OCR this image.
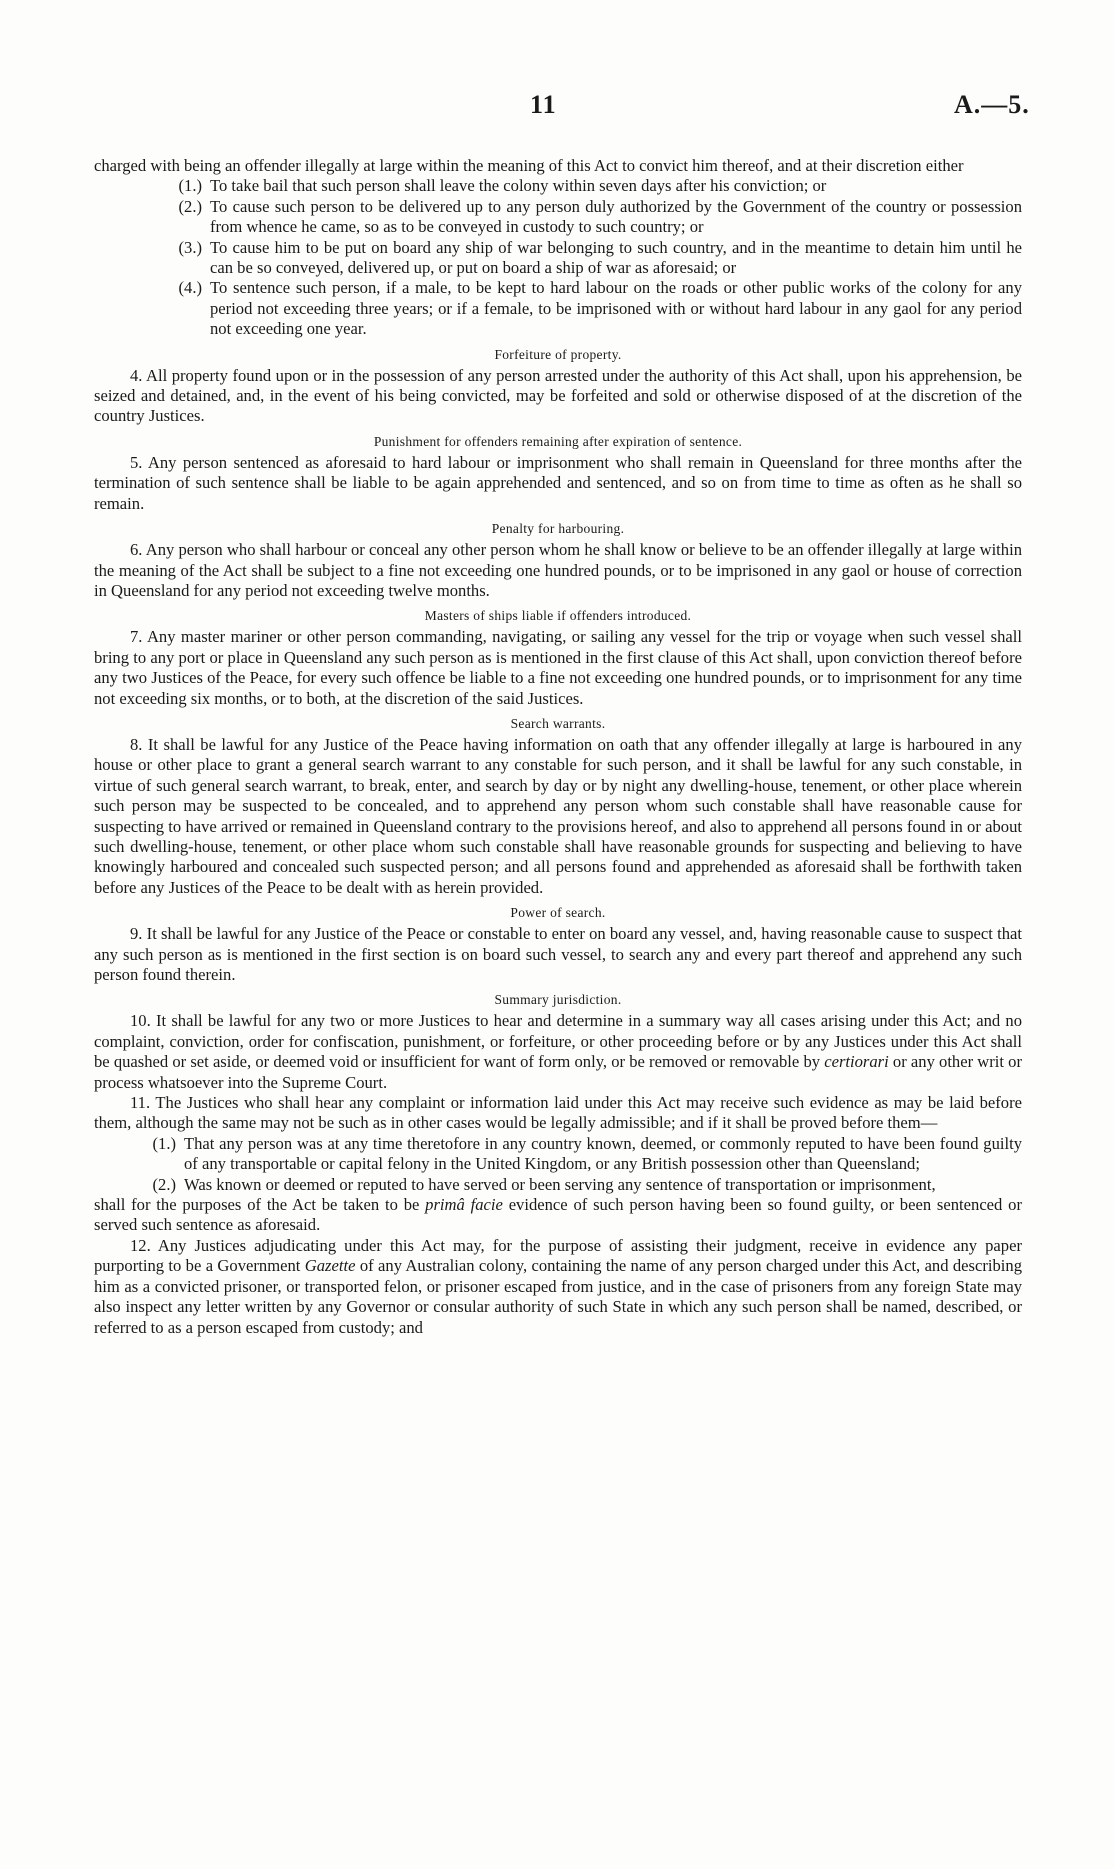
11	A.—5.

charged with being an offender illegally at large within the meaning of this Act to convict him thereof, and at their discretion either

(1.) To take bail that such person shall leave the colony within seven days after his conviction; or
(2.) To cause such person to be delivered up to any person duly authorized by the Government of the country or possession from whence he came, so as to be conveyed in custody to such country; or
(3.) To cause him to be put on board any ship of war belonging to such country, and in the meantime to detain him until he can be so conveyed, delivered up, or put on board a ship of war as aforesaid; or
(4.) To sentence such person, if a male, to be kept to hard labour on the roads or other public works of the colony for any period not exceeding three years; or if a female, to be imprisoned with or without hard labour in any gaol for any period not exceeding one year.
Forfeiture of property.

4. All property found upon or in the possession of any person arrested under the authority of this Act shall, upon his apprehension, be seized and detained, and, in the event of his being convicted, may be forfeited and sold or otherwise disposed of at the discretion of the country Justices.

Punishment for offenders remaining after expiration of sentence.

5. Any person sentenced as aforesaid to hard labour or imprisonment who shall remain in Queensland for three months after the termination of such sentence shall be liable to be again apprehended and sentenced, and so on from time to time as often as he shall so remain.

Penalty for harbouring.

6. Any person who shall harbour or conceal any other person whom he shall know or believe to be an offender illegally at large within the meaning of the Act shall be subject to a fine not exceeding one hundred pounds, or to be imprisoned in any gaol or house of correction in Queensland for any period not exceeding twelve months.

Masters of ships liable if offenders introduced.

7. Any master mariner or other person commanding, navigating, or sailing any vessel for the trip or voyage when such vessel shall bring to any port or place in Queensland any such person as is mentioned in the first clause of this Act shall, upon conviction thereof before any two Justices of the Peace, for every such offence be liable to a fine not exceeding one hundred pounds, or to imprisonment for any time not exceeding six months, or to both, at the discretion of the said Justices.

Search warrants.

8. It shall be lawful for any Justice of the Peace having information on oath that any offender illegally at large is harboured in any house or other place to grant a general search warrant to any constable for such person, and it shall be lawful for any such constable, in virtue of such general search warrant, to break, enter, and search by day or by night any dwelling-house, tenement, or other place wherein such person may be suspected to be concealed, and to apprehend any person whom such constable shall have reasonable cause for suspecting to have arrived or remained in Queensland contrary to the provisions hereof, and also to apprehend all persons found in or about such dwelling-house, tenement, or other place whom such constable shall have reasonable grounds for suspecting and believing to have knowingly harboured and concealed such suspected person; and all persons found and apprehended as aforesaid shall be forthwith taken before any Justices of the Peace to be dealt with as herein provided.

Power of search.

9. It shall be lawful for any Justice of the Peace or constable to enter on board any vessel, and, having reasonable cause to suspect that any such person as is mentioned in the first section is on board such vessel, to search any and every part thereof and apprehend any such person found therein.

Summary jurisdiction.

10. It shall be lawful for any two or more Justices to hear and determine in a summary way all cases arising under this Act; and no complaint, conviction, order for confiscation, punishment, or forfeiture, or other proceeding before or by any Justices under this Act shall be quashed or set aside, or deemed void or insufficient for want of form only, or be removed or removable by certiorari or any other writ or process whatsoever into the Supreme Court.

11. The Justices who shall hear any complaint or information laid under this Act may receive such evidence as may be laid before them, although the same may not be such as in other cases would be legally admissible; and if it shall be proved before them—

(1.) That any person was at any time theretofore in any country known, deemed, or commonly reputed to have been found guilty of any transportable or capital felony in the United Kingdom, or any British possession other than Queensland;
(2.) Was known or deemed or reputed to have served or been serving any sentence of transportation or imprisonment,

shall for the purposes of the Act be taken to be primâ facie evidence of such person having been so found guilty, or been sentenced or served such sentence as aforesaid.

12. Any Justices adjudicating under this Act may, for the purpose of assisting their judgment, receive in evidence any paper purporting to be a Government Gazette of any Australian colony, containing the name of any person charged under this Act, and describing him as a convicted prisoner, or transported felon, or prisoner escaped from justice, and in the case of prisoners from any foreign State may also inspect any letter written by any Governor or consular authority of such State in which any such person shall be named, described, or referred to as a person escaped from custody; and
